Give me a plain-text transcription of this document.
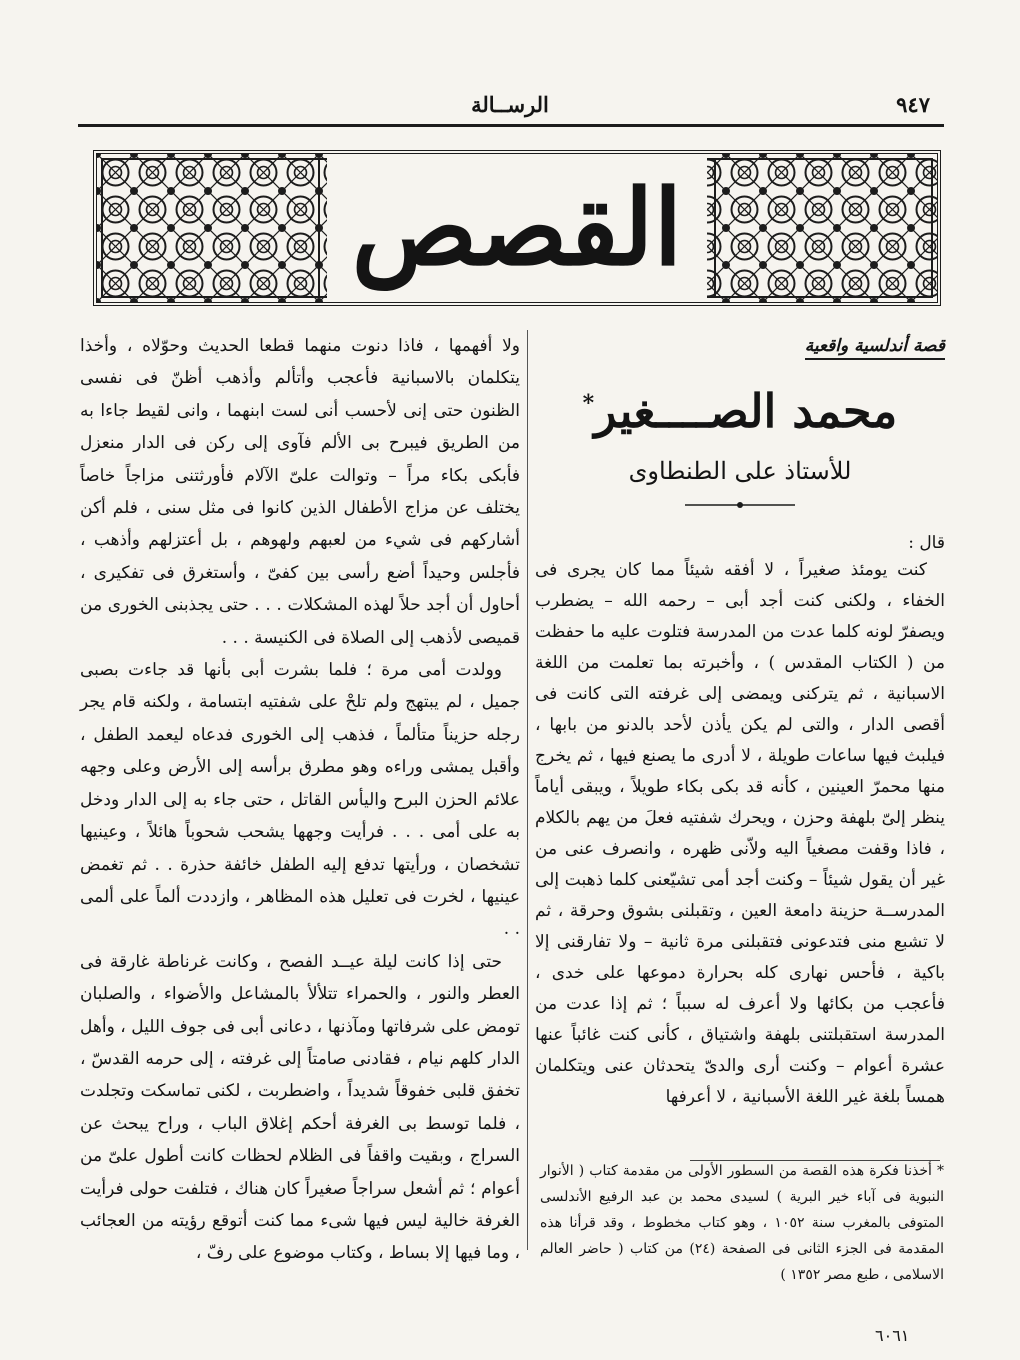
٩٤٧
الرســالة
القصص
قصة أندلسية واقعية
محمد الصــــغير*
للأستاذ على الطنطاوى
قال :

كنت يومئذ صغيراً ، لا أفقه شيئاً مما كان يجرى فى الخفاء ، ولكنى كنت أجد أبى – رحمه الله – يضطرب ويصفرّ لونه كلما عدت من المدرسة فتلوت عليه ما حفظت من ( الكتاب المقدس ) ، وأخبرته بما تعلمت من اللغة الاسبانية ، ثم يتركنى ويمضى إلى غرفته التى كانت فى أقصى الدار ، والتى لم يكن يأذن لأحد بالدنو من بابها ، فيلبث فيها ساعات طويلة ، لا أدرى ما يصنع فيها ، ثم يخرج منها محمرّ العينين ، كأنه قد بكى بكاء طويلاً ، ويبقى أياماً ينظر إلىّ بلهفة وحزن ، ويحرك شفتيه فعلَ من يهم بالكلام ، فاذا وقفت مصغياً اليه ولاّنى ظهره ، وانصرف عنى من غير أن يقول شيئاً – وكنت أجد أمى تشيّعنى كلما ذهبت إلى المدرســة حزينة دامعة العين ، وتقبلنى بشوق وحرقة ، ثم لا تشبع منى فتدعونى فتقبلنى مرة ثانية – ولا تفارقنى إلا باكية ، فأحس نهارى كله بحرارة دموعها على خدى ، فأعجب من بكائها ولا أعرف له سبباً ؛ ثم إذا عدت من المدرسة استقبلتنى بلهفة واشتياق ، كأنى كنت غائباً عنها عشرة أعوام – وكنت أرى والدىّ يتحدثان عنى ويتكلمان همساً بلغة غير اللغة الأسبانية ، لا أعرفها

ولا أفهمها ، فاذا دنوت منهما قطعا الحديث وحوّلاه ، وأخذا يتكلمان بالاسبانية فأعجب وأتألم وأذهب أظنّ فى نفسى الظنون حتى إنى لأحسب أنى لست ابنهما ، وانى لقيط جاءا به من الطريق فيبرح بى الألم فآوى إلى ركن فى الدار منعزل فأبكى بكاء مراً – وتوالت علىّ الآلام فأورثتنى مزاجاً خاصاً يختلف عن مزاج الأطفال الذين كانوا فى مثل سنى ، فلم أكن أشاركهم فى شيء من لعبهم ولهوهم ، بل أعتزلهم وأذهب ، فأجلس وحيداً أضع رأسى بين كفىّ ، وأستغرق فى تفكيرى ، أحاول أن أجد حلاً لهذه المشكلات . . . حتى يجذبنى الخورى من قميصى لأذهب إلى الصلاة فى الكنيسة . . .

وولدت أمى مرة ؛ فلما بشرت أبى بأنها قد جاءت بصبى جميل ، لم يبتهج ولم تلحْ على شفتيه ابتسامة ، ولكنه قام يجر رجله حزيناً متألماً ، فذهب إلى الخورى فدعاه ليعمد الطفل ، وأقبل يمشى وراءه وهو مطرق برأسه إلى الأرض وعلى وجهه علائم الحزن البرح واليأس القاتل ، حتى جاء به إلى الدار ودخل به على أمى . . . فرأيت وجهها يشحب شحوباً هائلاً ، وعينيها تشخصان ، ورأيتها تدفع إليه الطفل خائفة حذرة . . ثم تغمض عينيها ، لخرت فى تعليل هذه المظاهر ، وازددت ألماً على ألمى . .

حتى إذا كانت ليلة عيــد الفصح ، وكانت غرناطة غارقة فى العطر والنور ، والحمراء تتلألأ بالمشاعل والأضواء ، والصلبان تومض على شرفاتها ومآذنها ، دعانى أبى فى جوف الليل ، وأهل الدار كلهم نيام ، فقادنى صامتاً إلى غرفته ، إلى حرمه القدسّ ، تخفق قلبى خفوقاً شديداً ، واضطربت ، لكنى تماسكت وتجلدت ، فلما توسط بى الغرفة أحكم إغلاق الباب ، وراح يبحث عن السراج ، وبقيت واقفاً فى الظلام لحظات كانت أطول علىّ من أعوام ؛ ثم أشعل سراجاً صغيراً كان هناك ، فتلفت حولى فرأيت الغرفة خالية ليس فيها شىء مما كنت أتوقع رؤيته من العجائب ، وما فيها إلا بساط ، وكتاب موضوع على رفّ ،

* أخذنا فكرة هذه القصة من السطور الأولى من مقدمة كتاب ( الأنوار النبوية فى آباء خير البرية ) لسيدى محمد بن عبد الرفيع الأندلسى المتوفى بالمغرب سنة ١٠٥٢ ، وهو كتاب مخطوط ، وقد قرأنا هذه المقدمة فى الجزء الثانى فى الصفحة (٢٤) من كتاب ( حاضر العالم الاسلامى ، طبع مصر ١٣٥٢ )
٦٠٦١
